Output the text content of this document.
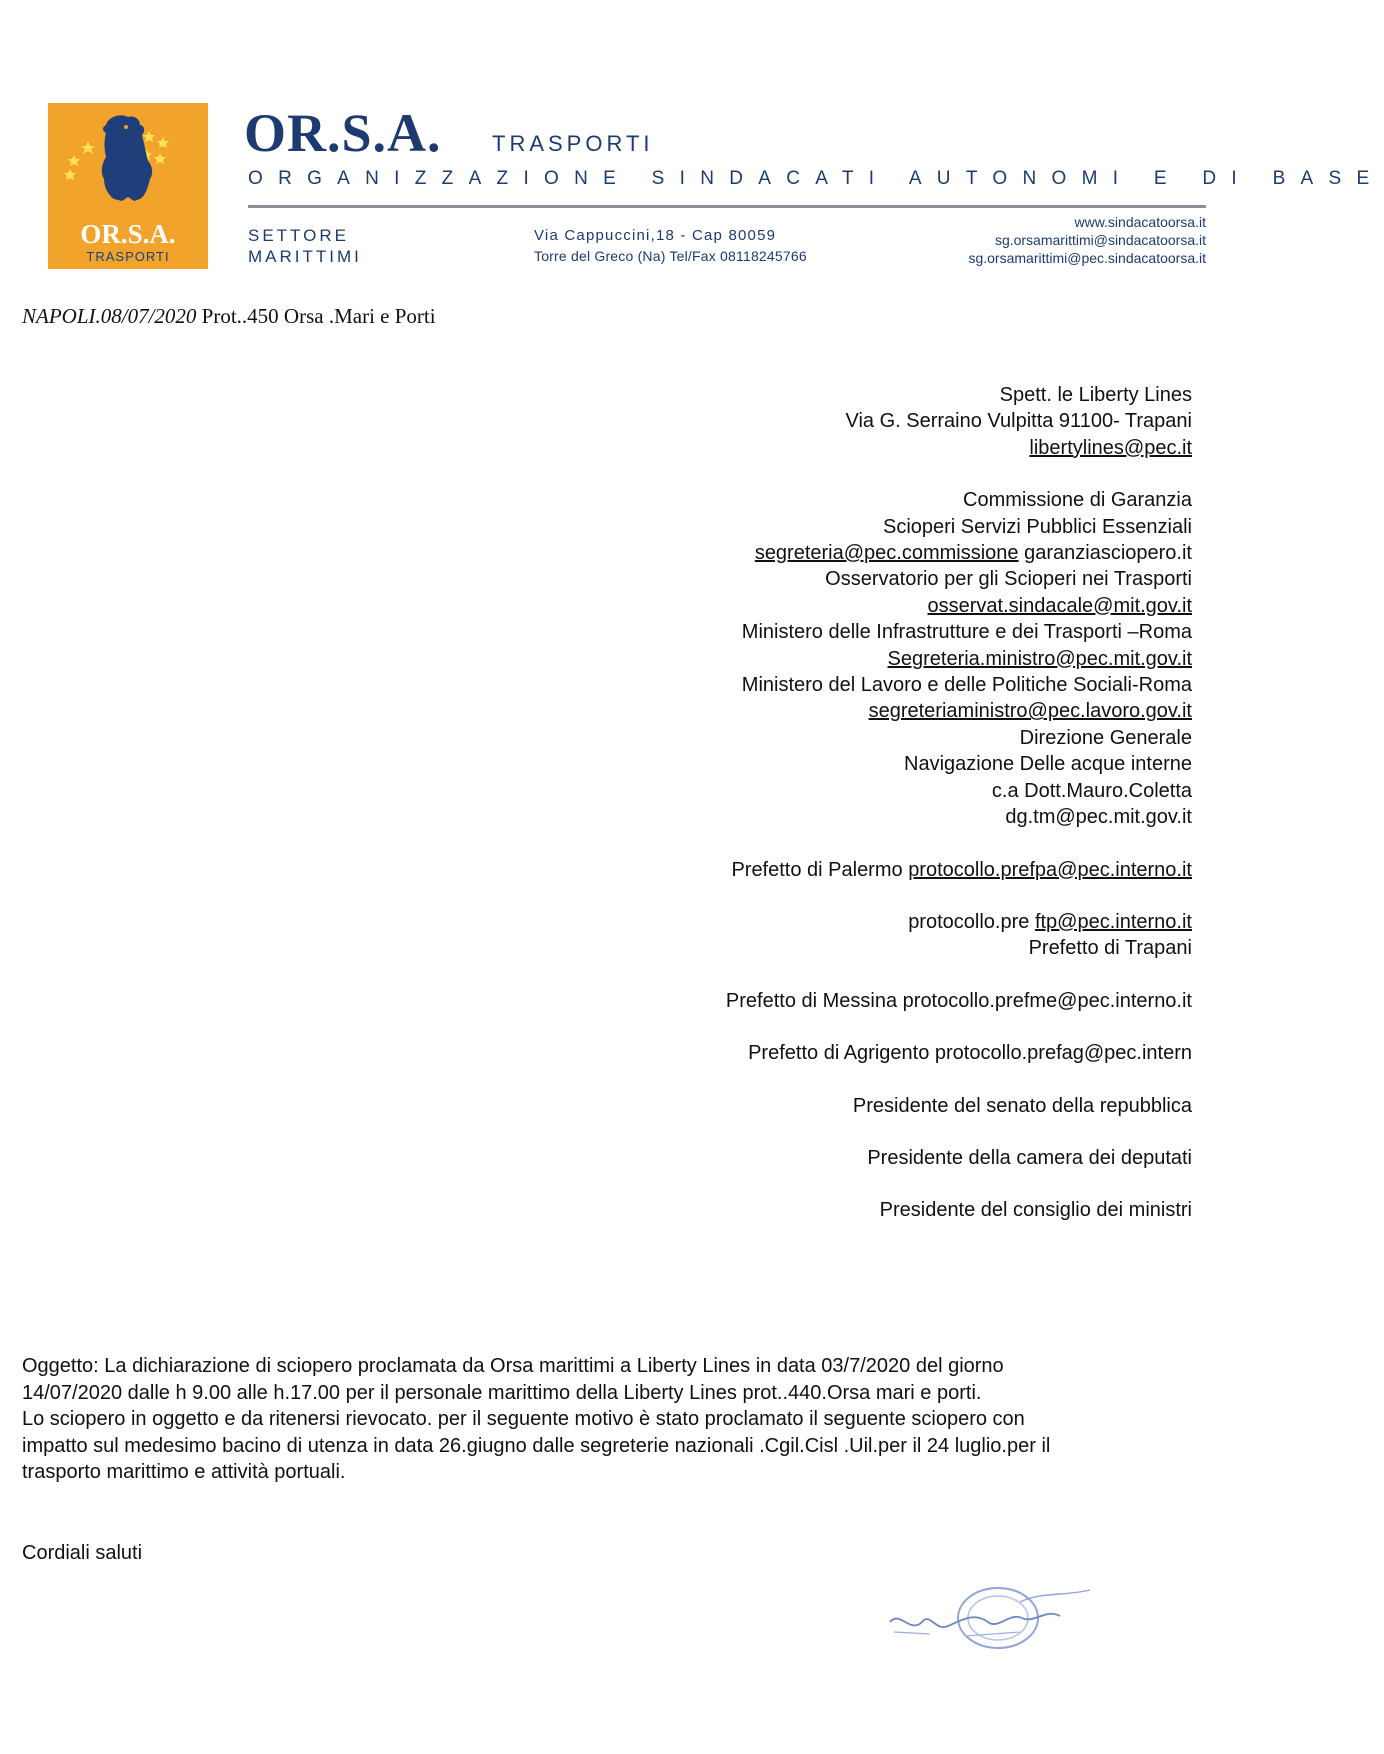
OR.S.A.
TRASPORTI
OR.S.A. TRASPORTI
ORGANIZZAZIONE SINDACATI AUTONOMI E DI BASE
SETTORE
MARITTIMI
Via Cappuccini,18 - Cap 80059
Torre del Greco (Na) Tel/Fax 08118245766
www.sindacatoorsa.it
sg.orsamarittimi@sindacatoorsa.it
sg.orsamarittimi@pec.sindacatoorsa.it
NAPOLI.08/07/2020 Prot..450 Orsa .Mari e Porti
Spett. le Liberty Lines
Via G. Serraino Vulpitta 91100- Trapani
libertylines@pec.it
Commissione di Garanzia
Scioperi Servizi Pubblici Essenziali
segreteria@pec.commissione garanziasciopero.it
Osservatorio per gli Scioperi nei Trasporti
osservat.sindacale@mit.gov.it
Ministero delle Infrastrutture e dei Trasporti –Roma
Segreteria.ministro@pec.mit.gov.it
Ministero del Lavoro e delle Politiche Sociali-Roma
segreteriaministro@pec.lavoro.gov.it
Direzione Generale
Navigazione Delle acque interne
c.a Dott.Mauro.Coletta
dg.tm@pec.mit.gov.it
Prefetto di Palermo protocollo.prefpa@pec.interno.it
protocollo.pre ftp@pec.interno.it
Prefetto di Trapani
Prefetto di Messina protocollo.prefme@pec.interno.it
Prefetto di Agrigento protocollo.prefag@pec.intern
Presidente del senato della repubblica
Presidente della camera dei deputati
Presidente del consiglio dei ministri
Oggetto: La dichiarazione di sciopero proclamata da Orsa marittimi a Liberty Lines in data 03/7/2020 del giorno
14/07/2020 dalle h 9.00 alle h.17.00 per il personale marittimo della Liberty Lines prot..440.Orsa mari e porti.
Lo sciopero in oggetto e da ritenersi rievocato. per il seguente motivo è stato proclamato il seguente sciopero con
impatto sul medesimo bacino di utenza in data 26.giugno dalle segreterie nazionali .Cgil.Cisl .Uil.per il 24 luglio.per il
trasporto marittimo e attività portuali.
Cordiali saluti
